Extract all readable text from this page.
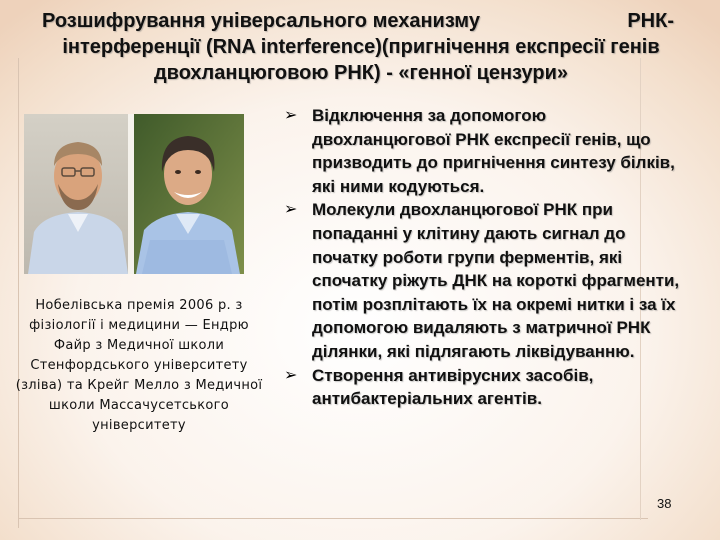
Розшифрування універсального механизму	РНК-
інтерференції (RNA interference)(пригнічення експресії генів
двохланцюговою РНК) - «генної цензури»
Нобелівська премія 2006 р. з фізіології і медицини — Ендрю Файр з Медичної школи Стенфордського університету (зліва) та Крейг Мелло з Медичної школи Массачусетського університету
➢ Відключення за допомогою двохланцюгової РНК експресії генів, що призводить до пригнічення синтезу білків, які ними кодуються.
➢ Молекули двохланцюгової РНК при попаданні у клітину дають сигнал до початку роботи групи ферментів, які спочатку ріжуть ДНК на короткі фрагменти, потім розплітають їх на окремі нитки і за їх допомогою видаляють з матричної РНК ділянки, які підлягають ліквідуванню.
➢ Створення антивірусних засобів, антибактеріальних агентів.
38
